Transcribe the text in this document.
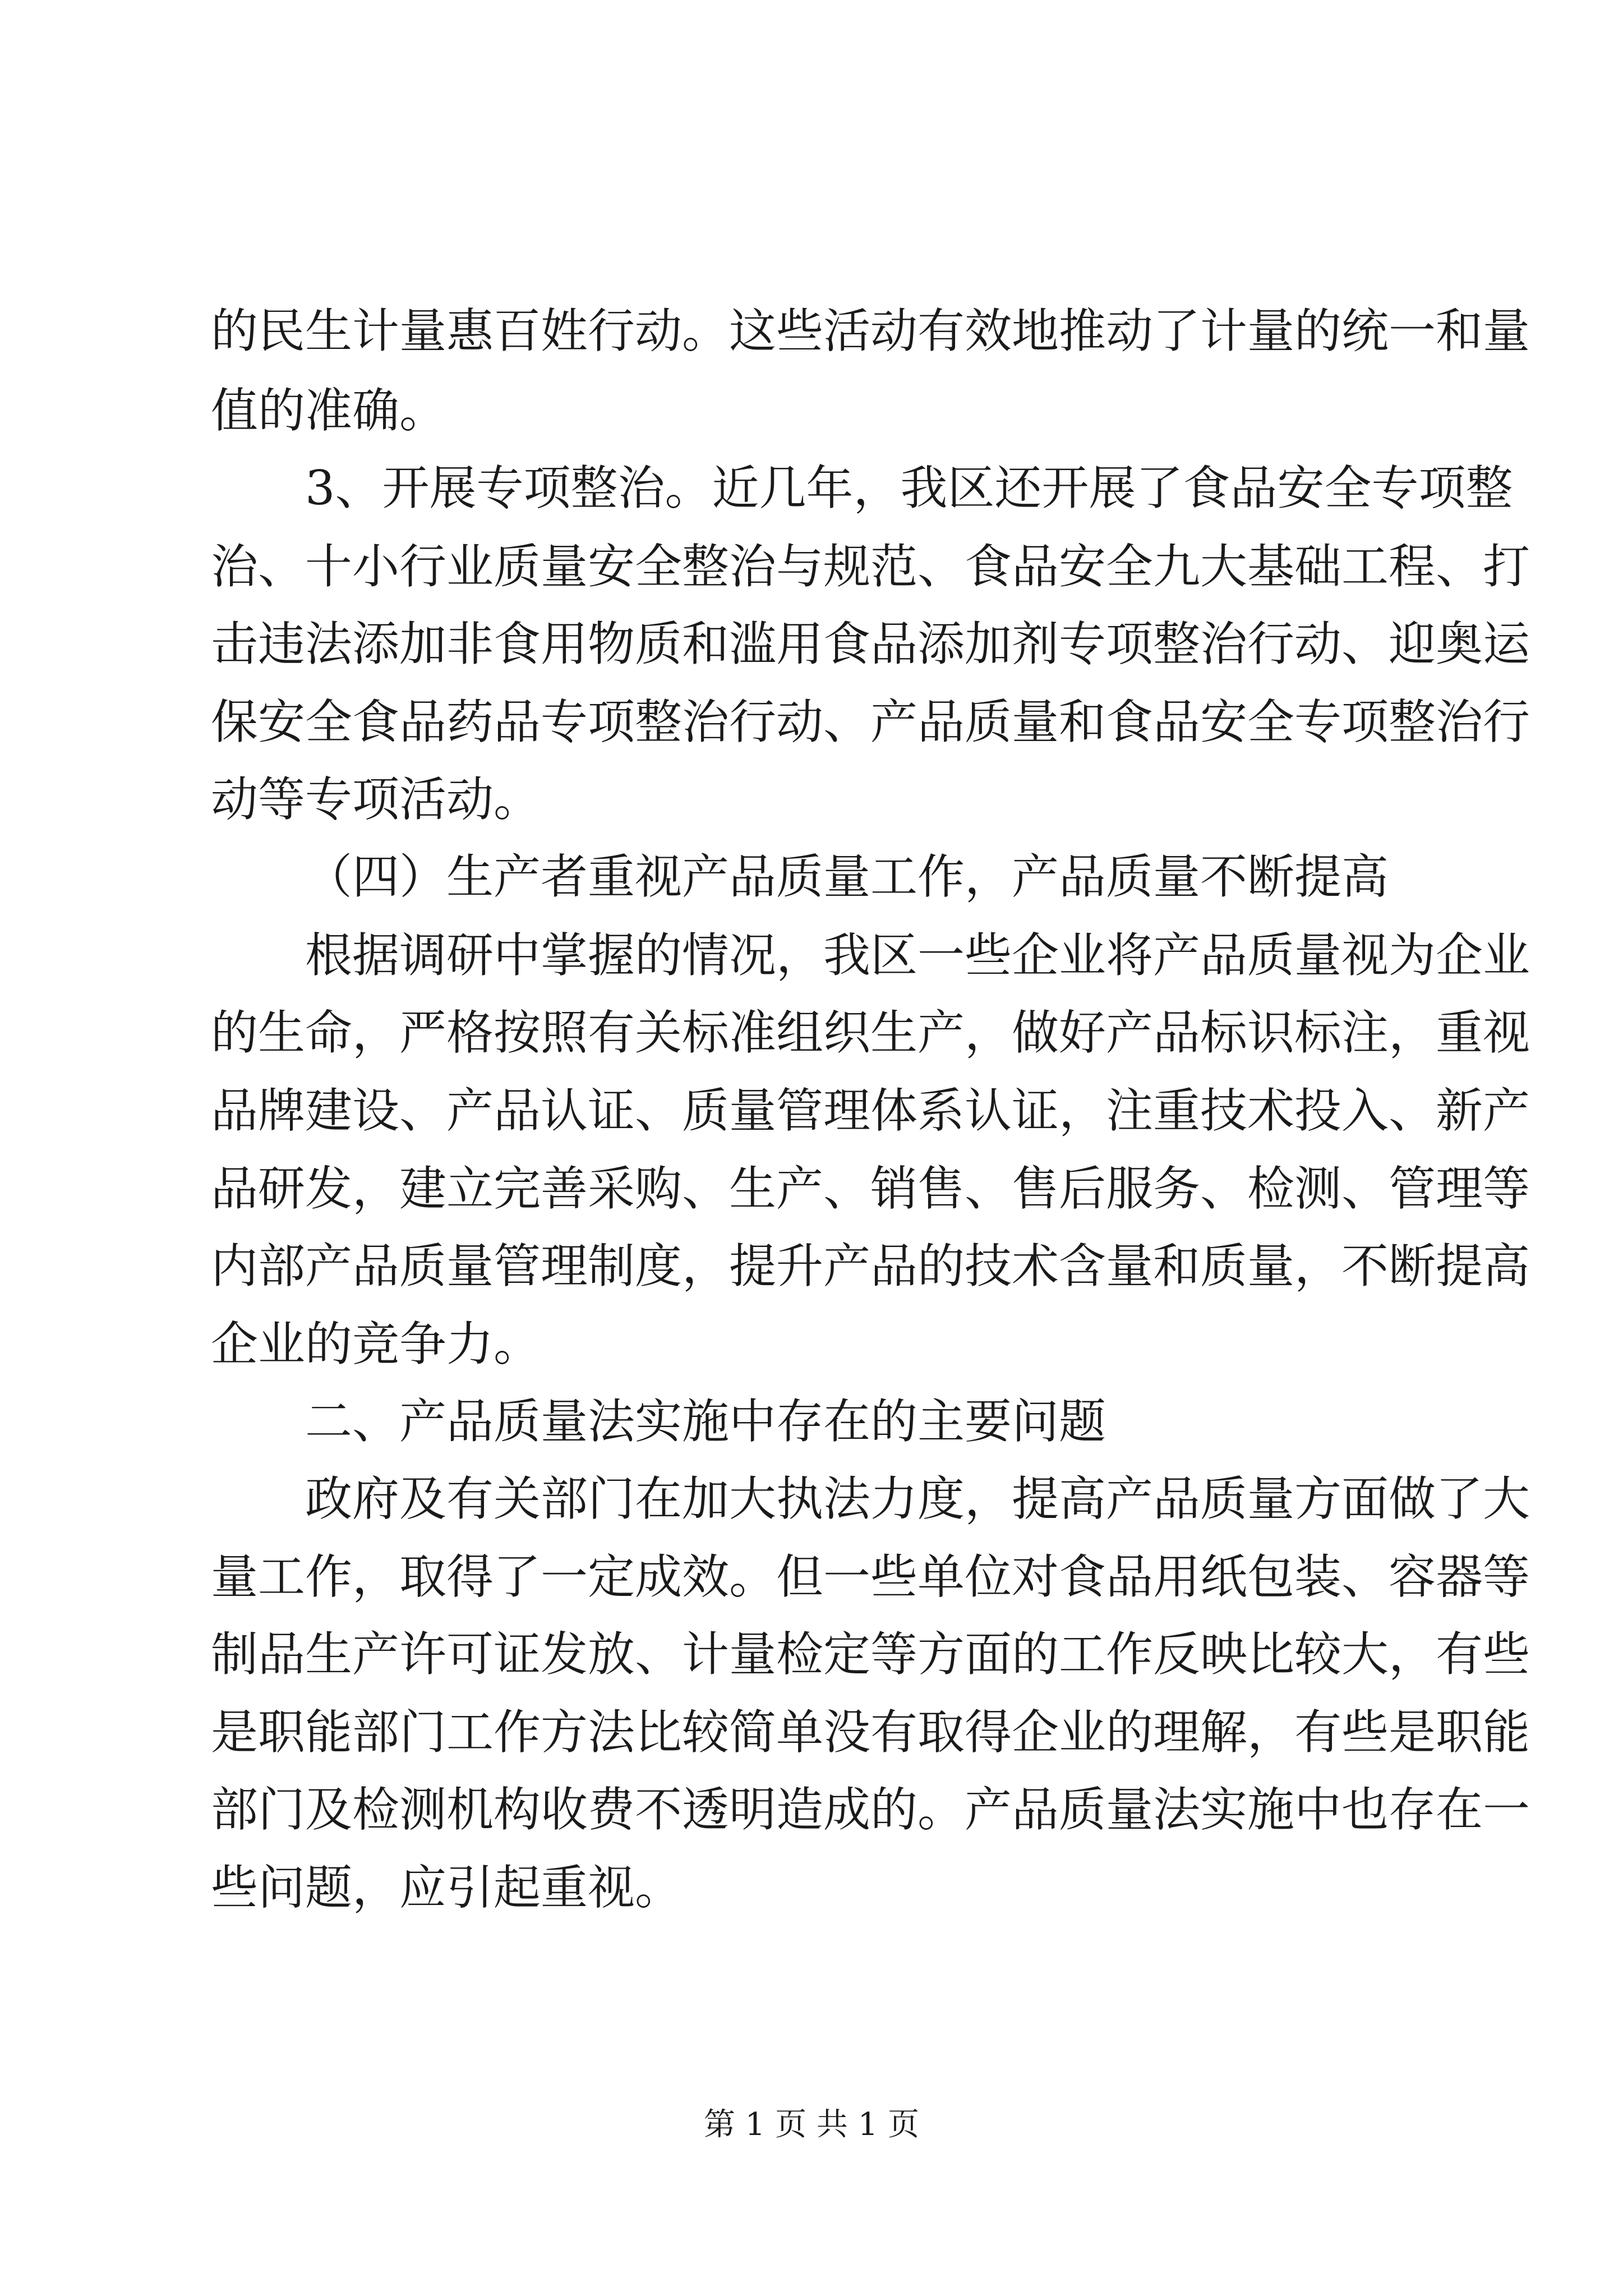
的民生计量惠百姓行动。这些活动有效地推动了计量的统一和量
值的准确。
3、开展专项整治。近几年，我区还开展了食品安全专项整
治、十小行业质量安全整治与规范、食品安全九大基础工程、打
击违法添加非食用物质和滥用食品添加剂专项整治行动、迎奥运
保安全食品药品专项整治行动、产品质量和食品安全专项整治行
动等专项活动。
（四）生产者重视产品质量工作，产品质量不断提高
根据调研中掌握的情况，我区一些企业将产品质量视为企业
的生命，严格按照有关标准组织生产，做好产品标识标注，重视
品牌建设、产品认证、质量管理体系认证，注重技术投入、新产
品研发，建立完善采购、生产、销售、售后服务、检测、管理等
内部产品质量管理制度，提升产品的技术含量和质量，不断提高
企业的竞争力。
二、产品质量法实施中存在的主要问题
政府及有关部门在加大执法力度，提高产品质量方面做了大
量工作，取得了一定成效。但一些单位对食品用纸包装、容器等
制品生产许可证发放、计量检定等方面的工作反映比较大，有些
是职能部门工作方法比较简单没有取得企业的理解，有些是职能
部门及检测机构收费不透明造成的。产品质量法实施中也存在一
些问题，应引起重视。
第 1 页 共 1 页
